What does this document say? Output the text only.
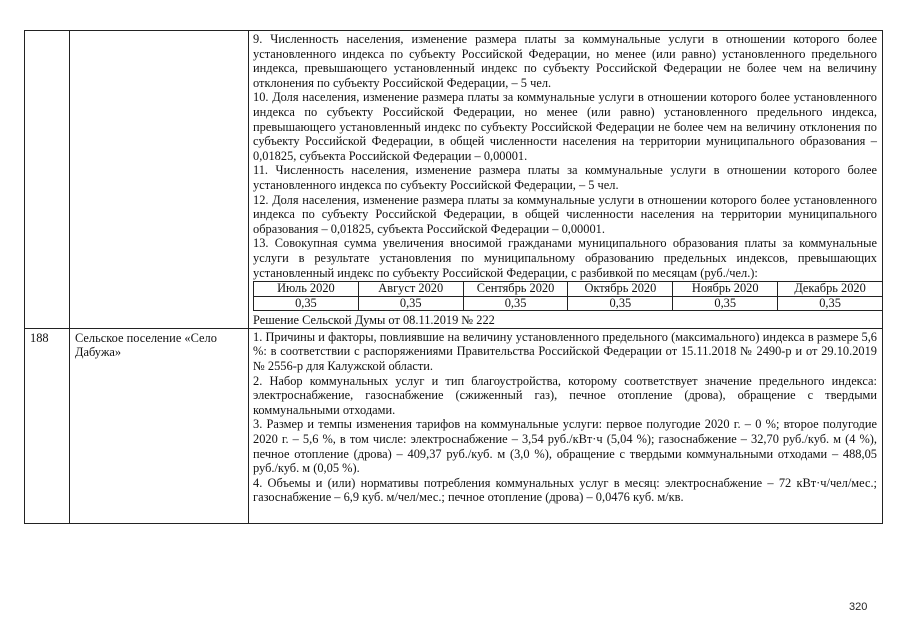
9. Численность населения, изменение размера платы за коммунальные услуги в отношении которого более установленного индекса по субъекту Российской Федерации, но менее (или равно) установленного предельного индекса, превышающего установленный индекс по субъекту Российской Федерации не более чем на величину отклонения по субъекту Российской Федерации, – 5 чел.

10. Доля населения, изменение размера платы за коммунальные услуги в отношении которого более установленного индекса по субъекту Российской Федерации, но менее (или равно) установленного предельного индекса, превышающего установленный индекс по субъекту Российской Федерации не более чем на величину отклонения по субъекту Российской Федерации, в общей численности населения на территории муниципального образования – 0,01825, субъекта Российской Федерации – 0,00001.

11. Численность населения, изменение размера платы за коммунальные услуги в отношении которого более установленного индекса по субъекту Российской Федерации, – 5 чел.

12. Доля населения, изменение размера платы за коммунальные услуги в отношении которого более установленного индекса по субъекту Российской Федерации, в общей численности населения на территории муниципального образования – 0,01825, субъекта Российской Федерации – 0,00001.

13. Совокупная сумма увеличения вносимой гражданами муниципального образования платы за коммунальные услуги в результате установления по муниципальному образованию предельных индексов, превышающих установленный индекс по субъекту Российской Федерации, с разбивкой по месяцам (руб./чел.):

Июль 2020	Август 2020	Сентябрь 2020	Октябрь 2020	Ноябрь 2020	Декабрь 2020
0,35	0,35	0,35	0,35	0,35	0,35

Решение Сельской Думы от 08.11.2019 № 222

188	Сельское поселение «Село Дабужа»	

1. Причины и факторы, повлиявшие на величину установленного предельного (максимального) индекса в размере 5,6 %: в соответствии с распоряжениями Правительства Российской Федерации от 15.11.2018 № 2490-р и от 29.10.2019 № 2556-р для Калужской области.

2. Набор коммунальных услуг и тип благоустройства, которому соответствует значение предельного индекса: электроснабжение, газоснабжение (сжиженный газ), печное отопление (дрова), обращение с твердыми коммунальными отходами.

3. Размер и темпы изменения тарифов на коммунальные услуги: первое полугодие 2020 г. – 0 %; второе полугодие 2020 г. – 5,6 %, в том числе: электроснабжение – 3,54 руб./кВт·ч (5,04 %); газоснабжение – 32,70 руб./куб. м (4 %), печное отопление (дрова) – 409,37 руб./куб. м (3,0 %), обращение с твердыми коммунальными отходами – 488,05 руб./куб. м (0,05 %).

4. Объемы и (или) нормативы потребления коммунальных услуг в месяц: электроснабжение – 72 кВт·ч/чел/мес.; газоснабжение – 6,9 куб. м/чел/мес.; печное отопление (дрова) – 0,0476 куб. м/кв.

320
